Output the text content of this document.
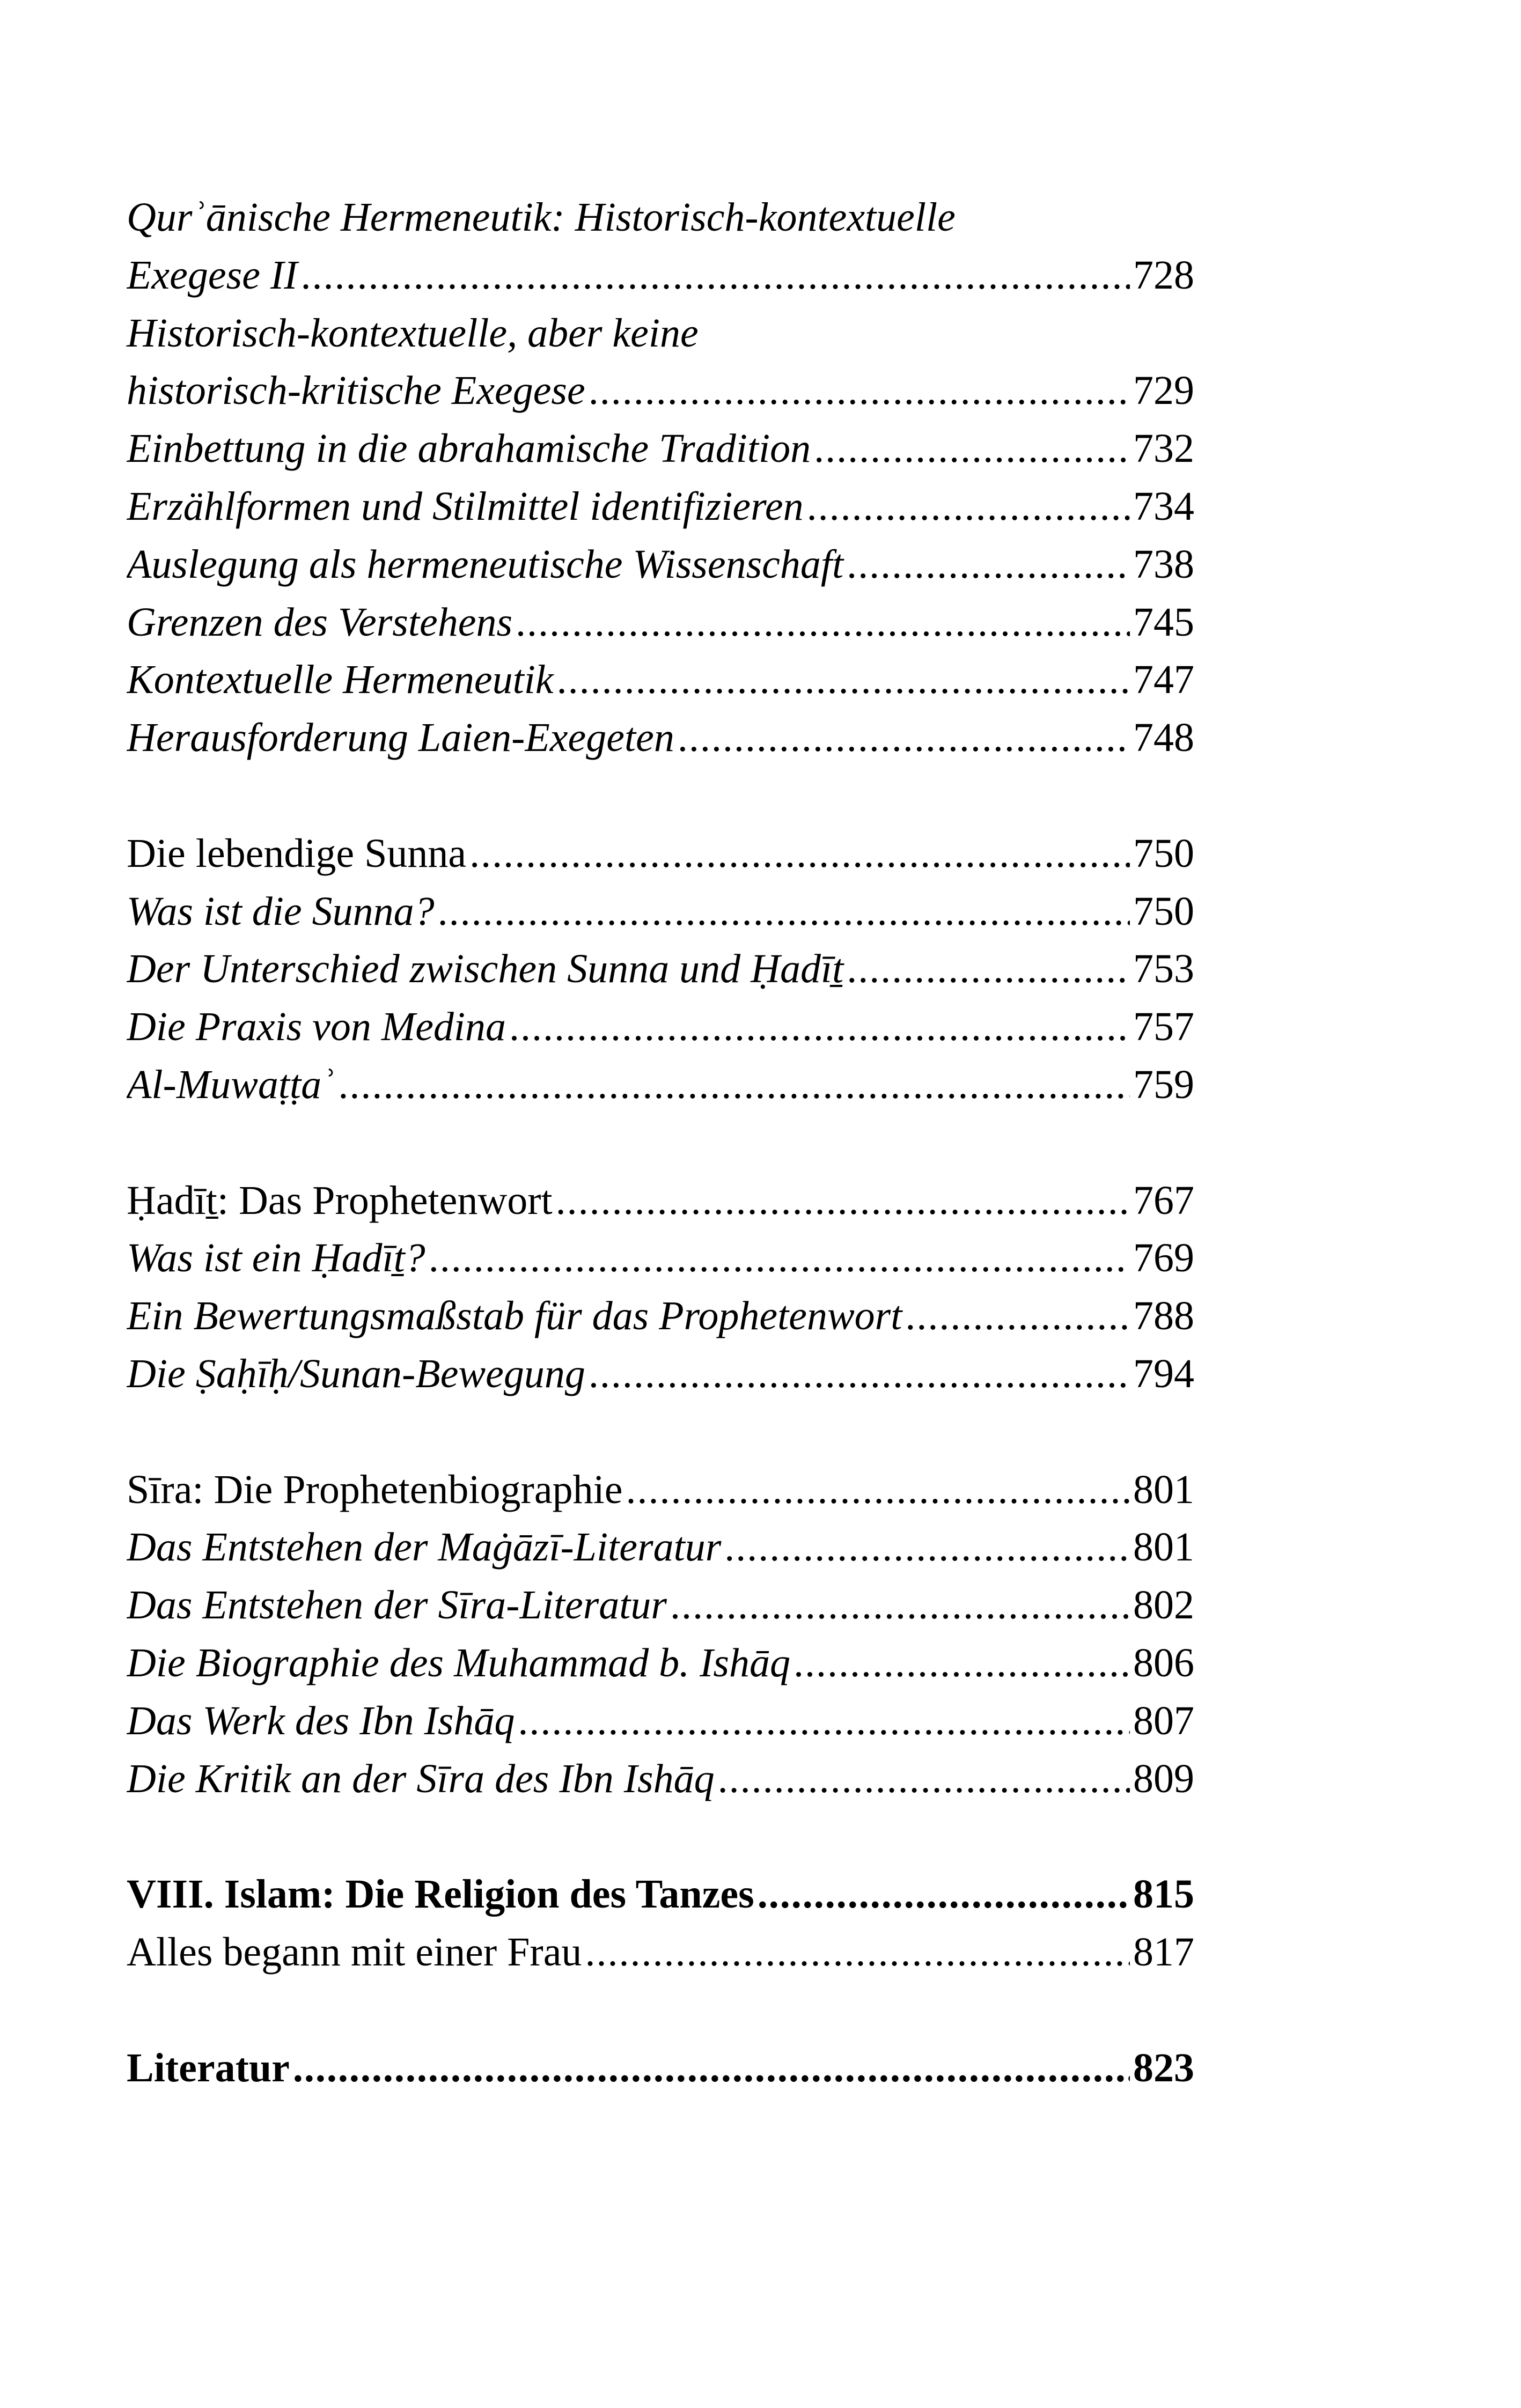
Qurʾānische Hermeneutik: Historisch-kontextuelle
Exegese II .....	728
Historisch-kontextuelle, aber keine
historisch-kritische Exegese .....	729
Einbettung in die abrahamische Tradition .....	732
Erzählformen und Stilmittel identifizieren .....	734
Auslegung als hermeneutische Wissenschaft .....	738
Grenzen des Verstehens .....	745
Kontextuelle Hermeneutik .....	747
Herausforderung Laien-Exegeten .....	748
Die lebendige Sunna .....	750
Was ist die Sunna? .....	750
Der Unterschied zwischen Sunna und Ḥadīṯ .....	753
Die Praxis von Medina .....	757
Al-Muwaṭṭaʾ .....	759
Ḥadīṯ: Das Prophetenwort .....	767
Was ist ein Ḥadīṯ? .....	769
Ein Bewertungsmaßstab für das Prophetenwort .....	788
Die Ṣaḥīḥ/Sunan-Bewegung .....	794
Sīra: Die Prophetenbiographie .....	801
Das Entstehen der Maġāzī-Literatur .....	801
Das Entstehen der Sīra-Literatur .....	802
Die Biographie des Muhammad b. Ishāq .....	806
Das Werk des Ibn Ishāq .....	807
Die Kritik an der Sīra des Ibn Ishāq .....	809
VIII. Islam: Die Religion des Tanzes .....	815
Alles begann mit einer Frau .....	817
Literatur .....	823
